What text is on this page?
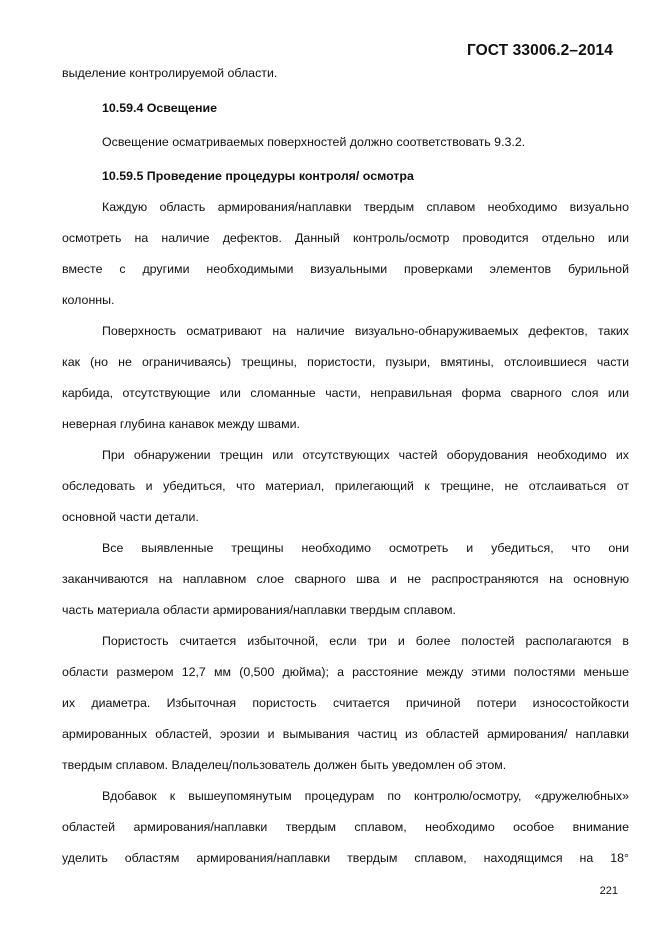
ГОСТ 33006.2–2014
выделение контролируемой области.
10.59.4 Освещение
Освещение осматриваемых поверхностей должно соответствовать 9.3.2.
10.59.5 Проведение процедуры контроля/ осмотра
Каждую область армирования/наплавки твердым сплавом необходимо визуально
осмотреть на наличие дефектов. Данный контроль/осмотр проводится отдельно или
вместе с другими необходимыми визуальными проверками элементов бурильной
колонны.
Поверхность осматривают на наличие визуально-обнаруживаемых дефектов, таких
как (но не ограничиваясь) трещины, пористости, пузыри, вмятины, отслоившиеся части
карбида, отсутствующие или сломанные части, неправильная форма сварного слоя или
неверная глубина канавок между швами.
При обнаружении трещин или отсутствующих частей оборудования необходимо их
обследовать и убедиться, что материал, прилегающий к трещине, не отслаиваться от
основной части детали.
Все выявленные трещины необходимо осмотреть и убедиться, что они
заканчиваются на наплавном слое сварного шва и не распространяются на основную
часть материала области армирования/наплавки твердым сплавом.
Пористость считается избыточной, если три и более полостей располагаются в
области размером 12,7 мм (0,500 дюйма); а расстояние между этими полостями меньше
их диаметра. Избыточная пористость считается причиной потери износостойкости
армированных областей, эрозии и вымывания частиц из областей армирования/ наплавки
твердым сплавом. Владелец/пользователь должен быть уведомлен об этом.
Вдобавок к вышеупомянутым процедурам по контролю/осмотру, «дружелюбных»
областей армирования/наплавки твердым сплавом, необходимо особое внимание
уделить областям армирования/наплавки твердым сплавом, находящимся на 18°
221
